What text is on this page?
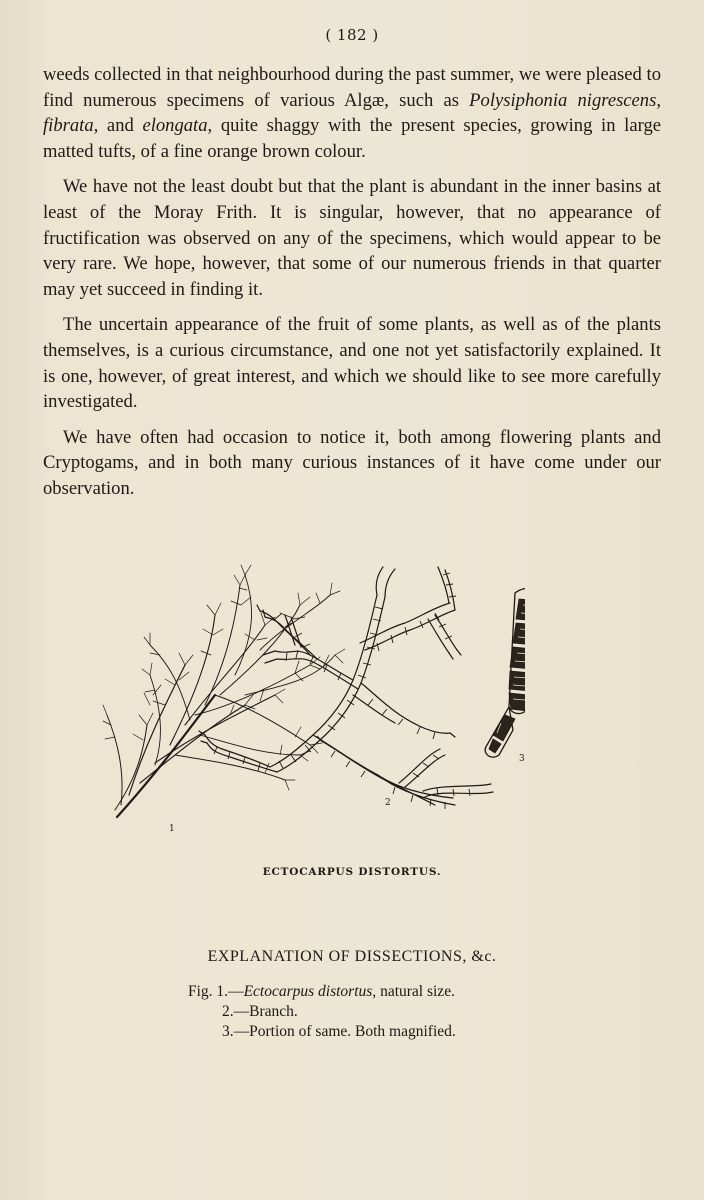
( 182 )

weeds collected in that neighbourhood during the past summer, we were pleased to find numerous specimens of various Algæ, such as Polysiphonia nigrescens, fibrata, and elongata, quite shaggy with the present species, growing in large matted tufts, of a fine orange brown colour.

We have not the least doubt but that the plant is abundant in the inner basins at least of the Moray Frith. It is singular, however, that no appearance of fructification was observed on any of the specimens, which would appear to be very rare. We hope, however, that some of our numerous friends in that quarter may yet succeed in finding it.

The uncertain appearance of the fruit of some plants, as well as of the plants themselves, is a curious circumstance, and one not yet satisfactorily explained. It is one, however, of great interest, and which we should like to see more carefully investigated.

We have often had occasion to notice it, both among flowering plants and Cryptogams, and in both many curious instances of it have come under our observation.

1
2
3
ECTOCARPUS DISTORTUS.
EXPLANATION OF DISSECTIONS, &c.
Fig. 1.—Ectocarpus distortus, natural size.
2.—Branch.
3.—Portion of same. Both magnified.
